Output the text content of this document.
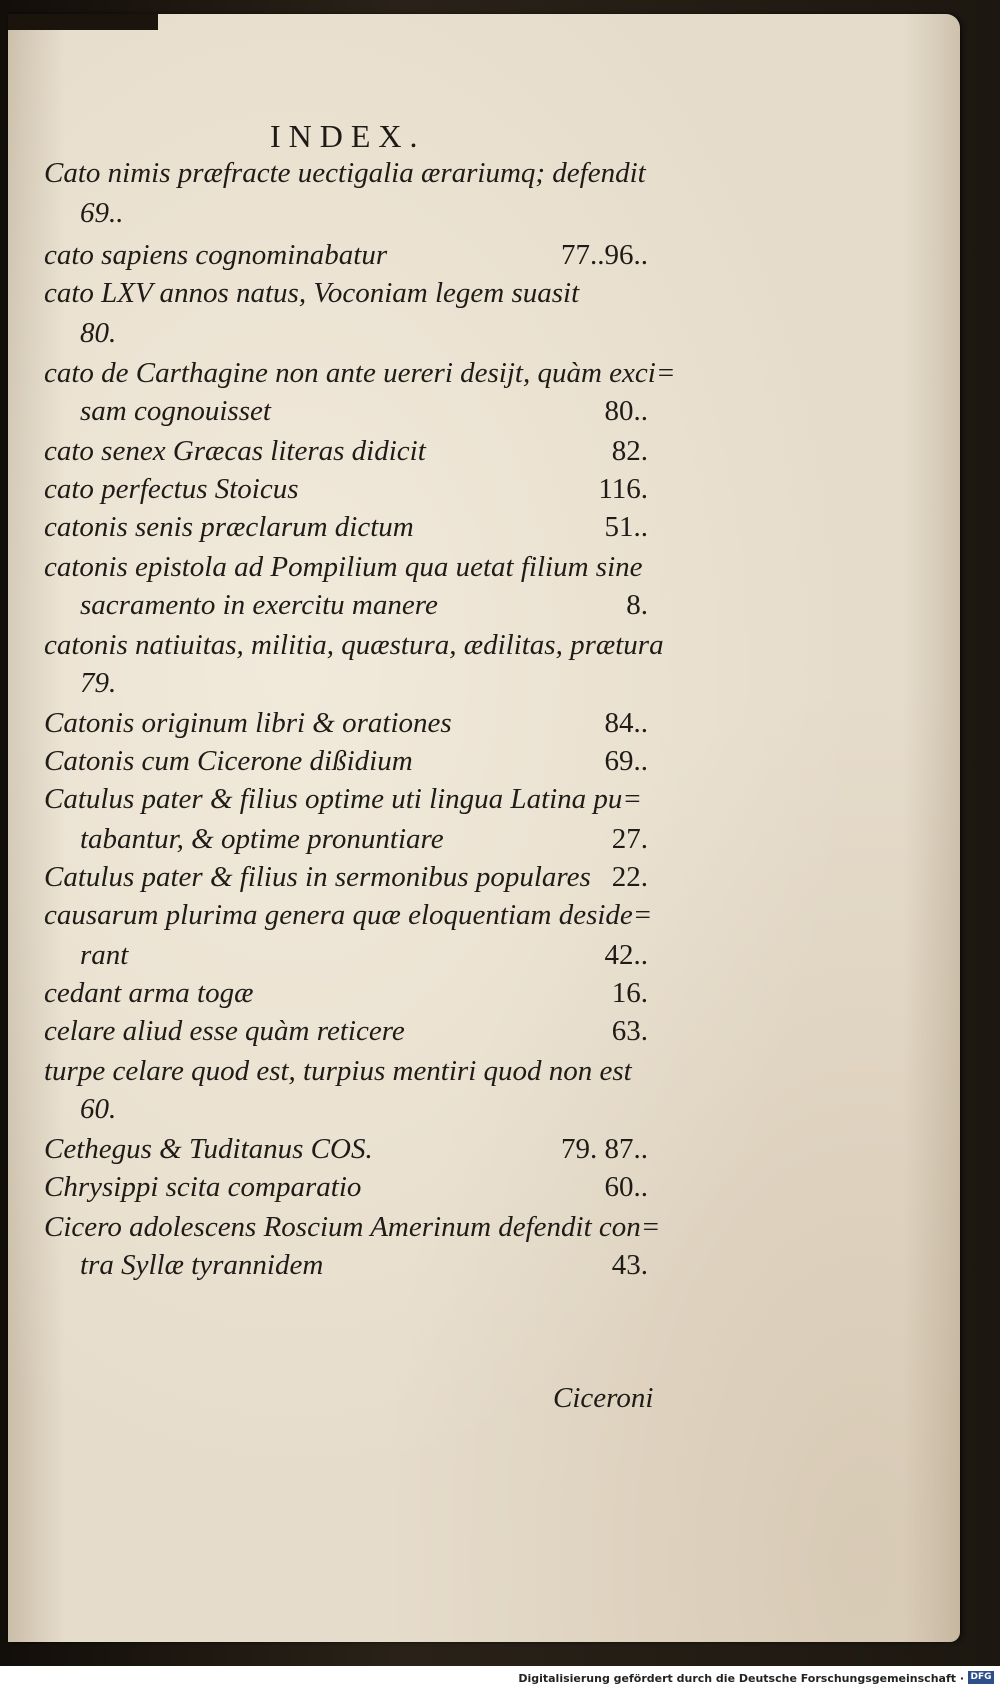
INDEX.
Cato nimis præfracte uectigalia ærariumq; defendit
69..
cato sapiens cognominabatur	77..96..
cato LXV annos natus, Voconiam legem suasit
80.
cato de Carthagine non ante uereri desijt, quàm exci=
sam cognouisset	80..
cato senex Græcas literas didicit	82.
cato perfectus Stoicus	116.
catonis senis præclarum dictum	51..
catonis epistola ad Pompilium qua uetat filium sine
sacramento in exercitu manere	8.
catonis natiuitas, militia, quæstura, ædilitas, prætura
79.
Catonis originum libri & orationes	84..
Catonis cum Cicerone dißidium	69..
Catulus pater & filius optime uti lingua Latina pu=
tabantur, & optime pronuntiare	27.
Catulus pater & filius in sermonibus populares 22.
causarum plurima genera quæ eloquentiam deside=
rant	42..
cedant arma togæ	16.
celare aliud esse quàm reticere	63.
turpe celare quod est, turpius mentiri quod non est
60.
Cethegus & Tuditanus COS.	79. 87..
Chrysippi scita comparatio	60..
Cicero adolescens Roscium Amerinum defendit con=
tra Syllæ tyrannidem	43.
Ciceroni
Digitalisierung gefördert durch die Deutsche Forschungsgemeinschaft · DFG
